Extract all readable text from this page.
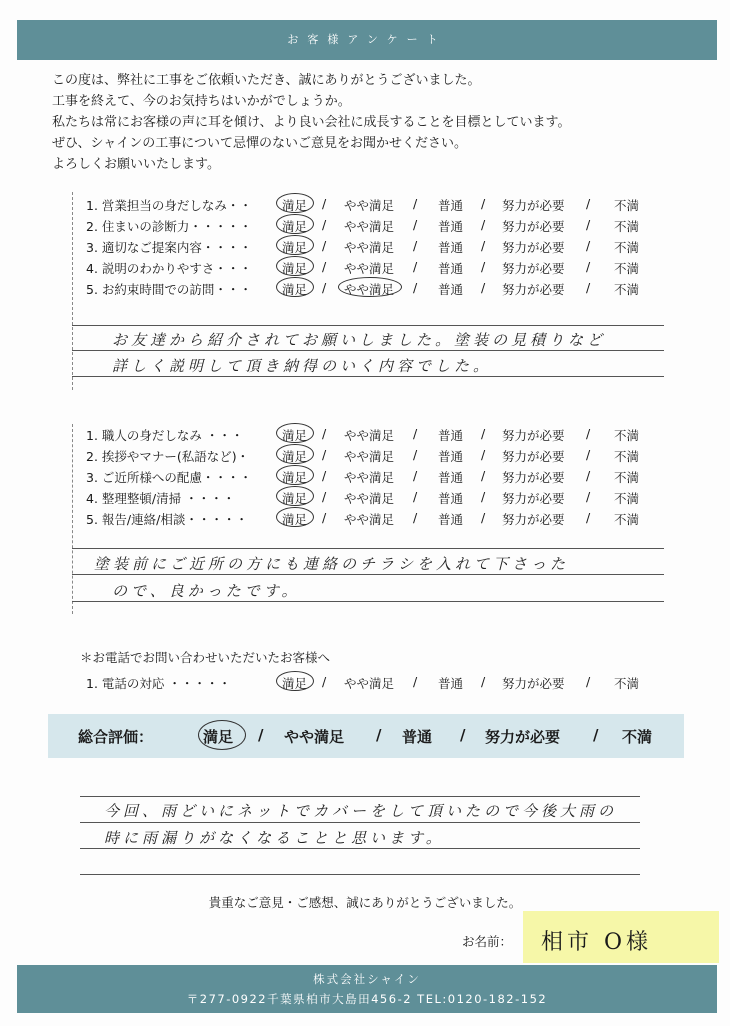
お客様アンケート
この度は、弊社に工事をご依頼いただき、誠にありがとうございました。
工事を終えて、今のお気持ちはいかがでしょうか。
私たちは常にお客様の声に耳を傾け、より良い会社に成長することを目標としています。
ぜひ、シャインの工事について忌憚のないご意見をお聞かせください。
よろしくお願いいたします。
1. 営業担当の身だしなみ・・ 満足 / やや満足 / 普通 / 努力が必要 / 不満
2. 住まいの診断力・・・・・ 満足 / やや満足 / 普通 / 努力が必要 / 不満
3. 適切なご提案内容・・・・ 満足 / やや満足 / 普通 / 努力が必要 / 不満
4. 説明のわかりやすさ・・・ 満足 / やや満足 / 普通 / 努力が必要 / 不満
5. お約束時間での訪問・・・ 満足 / やや満足 / 普通 / 努力が必要 / 不満
お友達から紹介されてお願いしました。塗装の見積りなど
詳しく説明して頂き納得のいく内容でした。
1. 職人の身だしなみ ・・・	満足 / やや満足 / 普通 / 努力が必要 / 不満
2. 挨拶やマナー(私語など)・	満足 / やや満足 / 普通 / 努力が必要 / 不満
3. ご近所様への配慮・・・・ 満足 / やや満足 / 普通 / 努力が必要 / 不満
4. 整理整頓/清掃 ・・・・	満足 / やや満足 / 普通 / 努力が必要 / 不満
5. 報告/連絡/相談・・・・・	満足 / やや満足 / 普通 / 努力が必要 / 不満
塗装前にご近所の方にも連絡のチラシを入れて下さった
ので、良かったです。
＊お電話でお問い合わせいただいたお客様へ
1. 電話の対応 ・・・・・	満足 / やや満足 / 普通 / 努力が必要 / 不満
総合評価：	満足 / やや満足 / 普通 / 努力が必要 / 不満
今回、雨どいにネットでカバーをして頂いたので今後大雨の
時に雨漏りがなくなることと思います。
貴重なご意見・ご感想、誠にありがとうございました。
お名前： 相市 O様
株式会社シャイン
〒277-0922千葉県柏市大島田456-2 TEL:0120-182-152
